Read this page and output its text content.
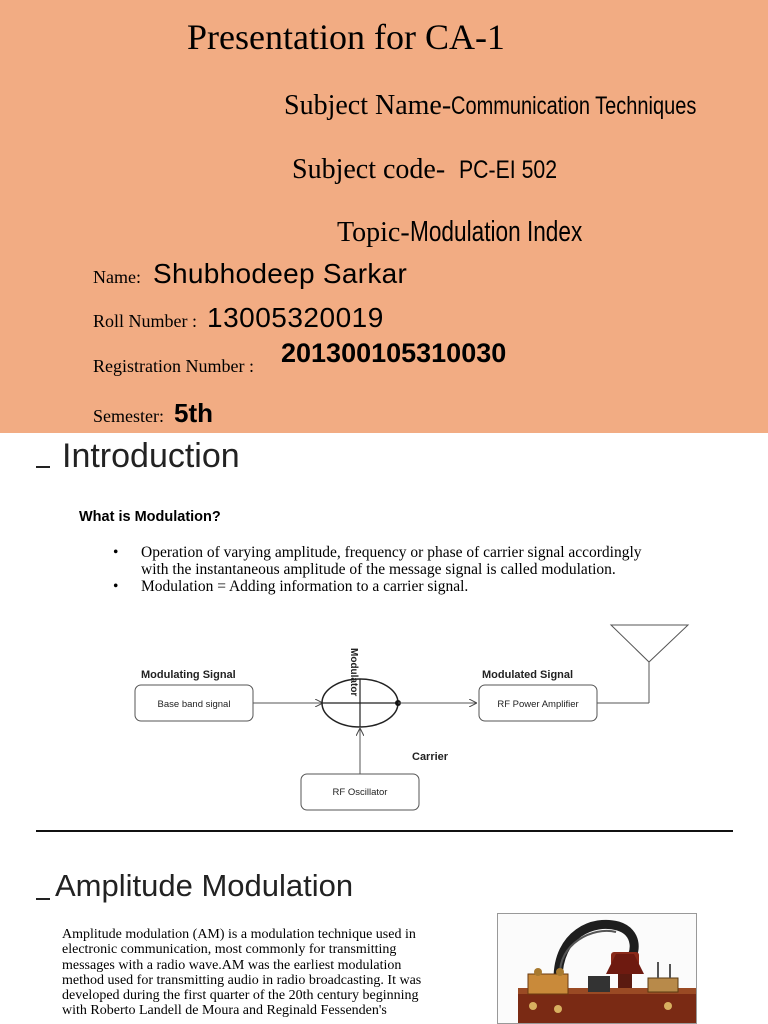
Presentation for CA-1
Subject Name- Communication Techniques
Subject code- PC-EI 502
Topic- Modulation Index
Name: Shubhodeep Sarkar
Roll Number : 13005320019
Registration Number : 201300105310030
Semester: 5th
Introduction
What is Modulation?
• Operation of varying amplitude, frequency or phase of carrier signal accordingly with the instantaneous amplitude of the message signal is called modulation.
• Modulation = Adding information to a carrier signal.
Modulating Signal
Base band signal
Modulator	Modulated Signal
RF Power Amplifier
Carrier
RF Oscillator
Amplitude Modulation
Amplitude modulation (AM) is a modulation technique used in
electronic communication, most commonly for transmitting
messages with a radio wave.AM was the earliest modulation
method used for transmitting audio in radio broadcasting. It was
developed during the first quarter of the 20th century beginning
with Roberto Landell de Moura and Reginald Fessenden's
